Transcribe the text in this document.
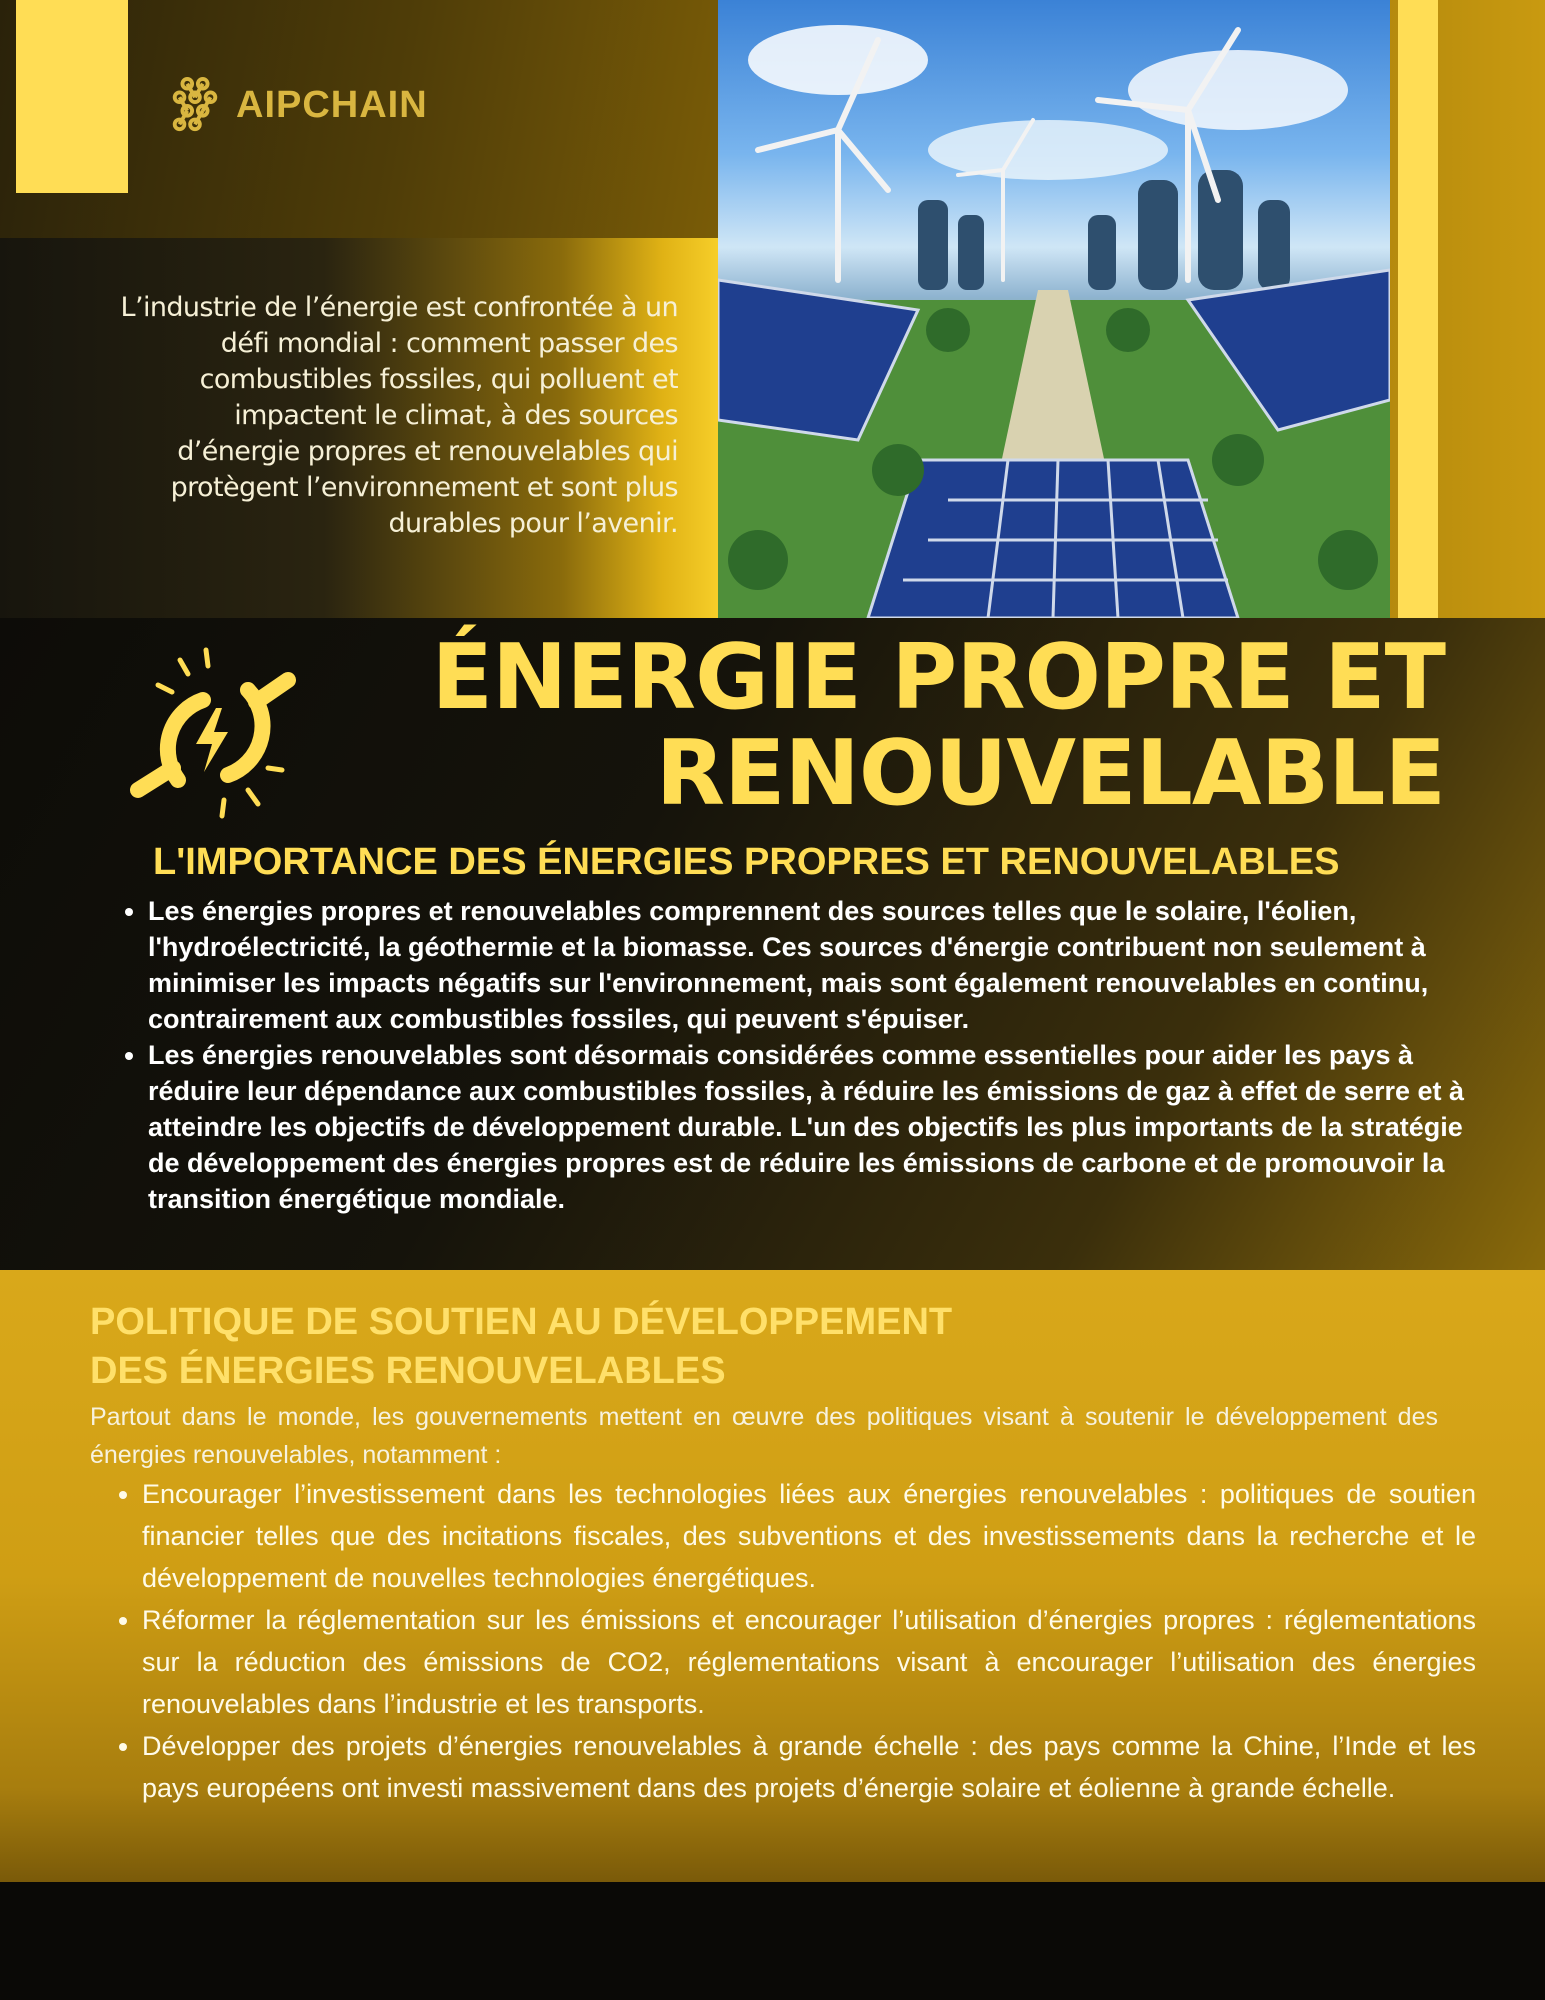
AIPCHAIN
L’industrie de l’énergie est confrontée à un défi mondial : comment passer des combustibles fossiles, qui polluent et impactent le climat, à des sources d’énergie propres et renouvelables qui protègent l’environnement et sont plus durables pour l’avenir.
ÉNERGIE PROPRE ET
RENOUVELABLE
L'IMPORTANCE DES ÉNERGIES PROPRES ET RENOUVELABLES
• Les énergies propres et renouvelables comprennent des sources telles que le solaire, l'éolien, l'hydroélectricité, la géothermie et la biomasse. Ces sources d'énergie contribuent non seulement à minimiser les impacts négatifs sur l'environnement, mais sont également renouvelables en continu, contrairement aux combustibles fossiles, qui peuvent s'épuiser.
• Les énergies renouvelables sont désormais considérées comme essentielles pour aider les pays à réduire leur dépendance aux combustibles fossiles, à réduire les émissions de gaz à effet de serre et à atteindre les objectifs de développement durable. L'un des objectifs les plus importants de la stratégie de développement des énergies propres est de réduire les émissions de carbone et de promouvoir la transition énergétique mondiale.
POLITIQUE DE SOUTIEN AU DÉVELOPPEMENT
DES ÉNERGIES RENOUVELABLES
Partout dans le monde, les gouvernements mettent en œuvre des politiques visant à soutenir le développement des énergies renouvelables, notamment :
• Encourager l’investissement dans les technologies liées aux énergies renouvelables : politiques de soutien financier telles que des incitations fiscales, des subventions et des investissements dans la recherche et le développement de nouvelles technologies énergétiques.
• Réformer la réglementation sur les émissions et encourager l’utilisation d’énergies propres : réglementations sur la réduction des émissions de CO2, réglementations visant à encourager l’utilisation des énergies renouvelables dans l’industrie et les transports.
• Développer des projets d’énergies renouvelables à grande échelle : des pays comme la Chine, l’Inde et les pays européens ont investi massivement dans des projets d’énergie solaire et éolienne à grande échelle.
